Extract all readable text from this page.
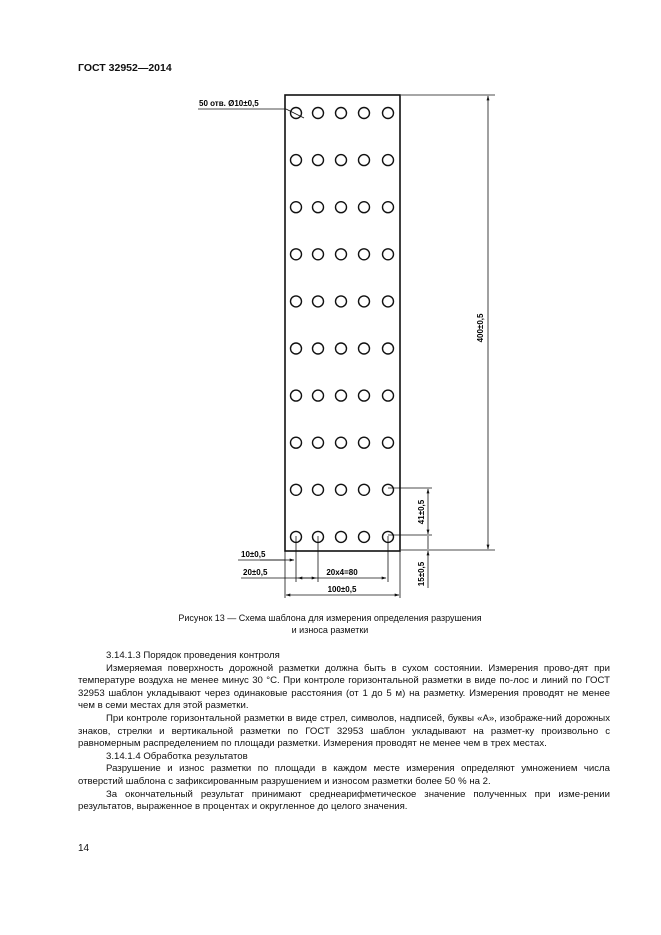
ГОСТ 32952—2014
50 отв. Ø10±0,5
400±0,5
41±0,5
15±0,5
10±0,5
20±0,5	20x4=80
100±0,5
Рисунок 13 — Схема шаблона для измерения определения разрушения
и износа разметки

3.14.1.3 Порядок проведения контроля

Измеряемая поверхность дорожной разметки должна быть в сухом состоянии. Измерения прово-дят при температуре воздуха не менее минус 30 °С. При контроле горизонтальной разметки в виде по-лос и линий по ГОСТ 32953 шаблон укладывают через одинаковые расстояния (от 1 до 5 м) на разметку. Измерения проводят не менее чем в семи местах для этой разметки.

При контроле горизонтальной разметки в виде стрел, символов, надписей, буквы «А», изображе-ний дорожных знаков, стрелки и вертикальной разметки по ГОСТ 32953 шаблон укладывают на размет-ку произвольно с равномерным распределением по площади разметки. Измерения проводят не менее чем в трех местах.

3.14.1.4 Обработка результатов

Разрушение и износ разметки по площади в каждом месте измерения определяют умножением числа отверстий шаблона с зафиксированным разрушением и износом разметки более 50 % на 2.

За окончательный результат принимают среднеарифметическое значение полученных при изме-рении результатов, выраженное в процентах и округленное до целого значения.

14
